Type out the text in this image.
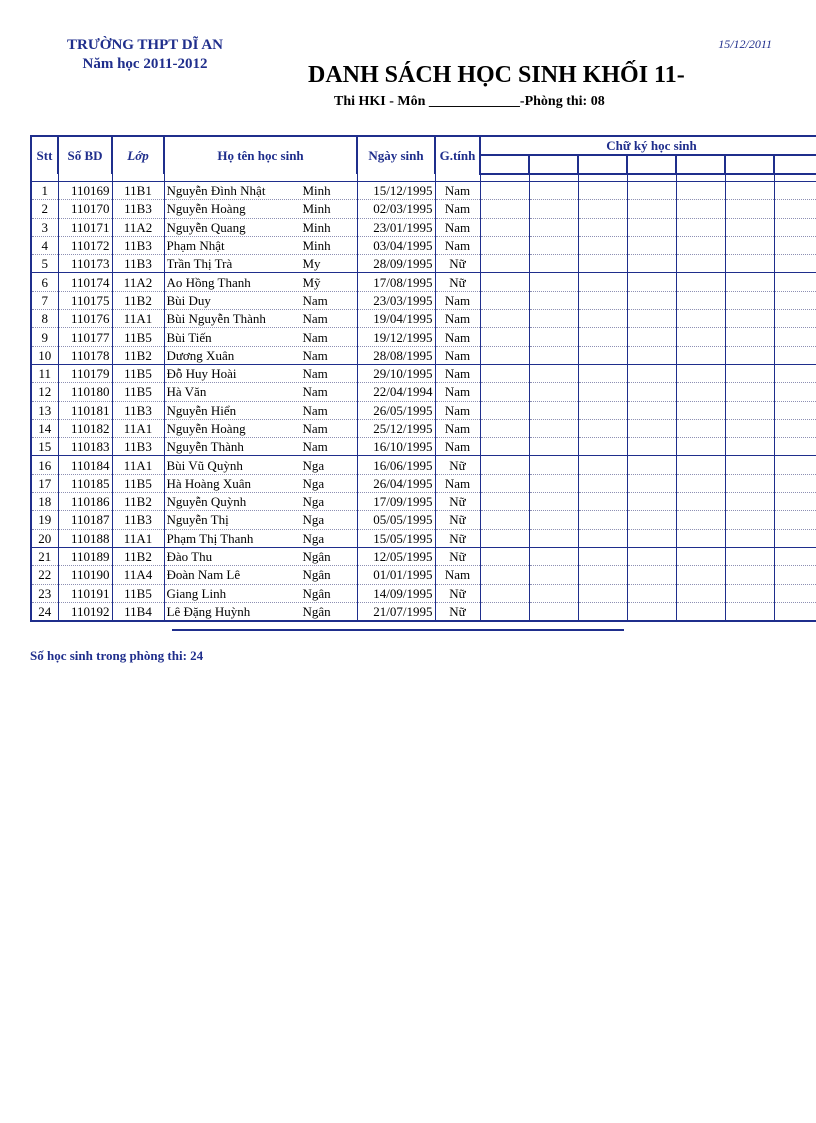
TRƯỜNG THPT DĨ AN
Năm học 2011-2012
15/12/2011
DANH SÁCH HỌC SINH KHỐI 11-
Thi HKI - Môn _____________-Phòng thi: 08
Stt	Số BD	Lớp	Họ tên học sinh	Ngày sinh	G.tính	Chữ ký học sinh						

1	110169	11B1	Nguyễn Đình Nhật Minh	15/12/1995	Nam							
2	110170	11B3	Nguyễn Hoàng Minh	02/03/1995	Nam							
3	110171	11A2	Nguyễn Quang Minh	23/01/1995	Nam							
4	110172	11B3	Phạm Nhật Minh	03/04/1995	Nam							
5	110173	11B3	Trần Thị Trà My	28/09/1995	Nữ							
6	110174	11A2	Ao Hồng Thanh Mỹ	17/08/1995	Nữ							
7	110175	11B2	Bùi Duy Nam	23/03/1995	Nam							
8	110176	11A1	Bùi Nguyễn Thành Nam	19/04/1995	Nam							
9	110177	11B5	Bùi Tiến Nam	19/12/1995	Nam							
10	110178	11B2	Dương Xuân Nam	28/08/1995	Nam							
11	110179	11B5	Đỗ Huy Hoài Nam	29/10/1995	Nam							
12	110180	11B5	Hà Văn Nam	22/04/1994	Nam							
13	110181	11B3	Nguyễn Hiển Nam	26/05/1995	Nam							
14	110182	11A1	Nguyễn Hoàng Nam	25/12/1995	Nam							
15	110183	11B3	Nguyễn Thành Nam	16/10/1995	Nam							
16	110184	11A1	Bùi Vũ Quỳnh Nga	16/06/1995	Nữ							
17	110185	11B5	Hà Hoàng Xuân Nga	26/04/1995	Nam							
18	110186	11B2	Nguyễn Quỳnh Nga	17/09/1995	Nữ							
19	110187	11B3	Nguyễn Thị Nga	05/05/1995	Nữ							
20	110188	11A1	Phạm Thị Thanh Nga	15/05/1995	Nữ							
21	110189	11B2	Đào Thu Ngân	12/05/1995	Nữ							
22	110190	11A4	Đoàn Nam Lê Ngân	01/01/1995	Nam							
23	110191	11B5	Giang Linh Ngân	14/09/1995	Nữ							
24	110192	11B4	Lê Đặng Huỳnh Ngân	21/07/1995	Nữ							
Số học sinh trong phòng thi: 24
